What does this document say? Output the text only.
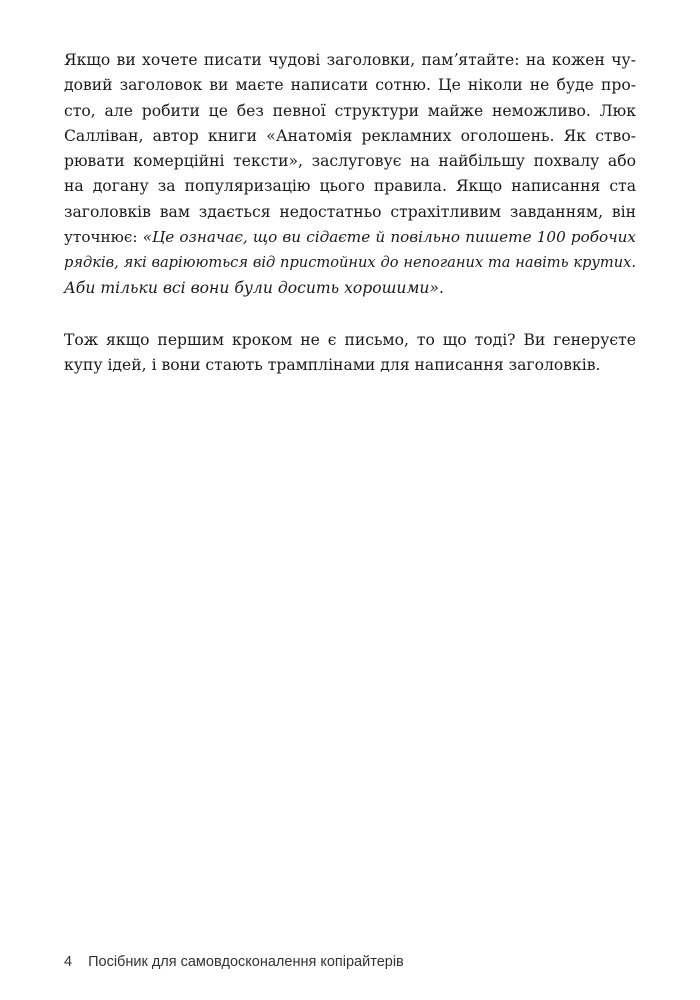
Якщо ви хочете писати чудові заголовки, памʼятайте: на кожен чу-
довий заголовок ви маєте написати сотню. Це ніколи не буде про-
сто, але робити це без певної структури майже неможливо. Люк
Салліван, автор книги «Анатомія рекламних оголошень. Як ство-
рювати комерційні тексти», заслуговує на найбільшу похвалу або
на догану за популяризацію цього правила. Якщо написання ста
заголовків вам здається недостатньо страхітливим завданням, він
уточнює: «Це означає, що ви сідаєте й повільно пишете 100 робочих
рядків, які варіюються від пристойних до непоганих та навіть крутих.
Аби тільки всі вони були досить хорошими».

Тож якщо першим кроком не є письмо, то що тоді? Ви генеруєте
купу ідей, і вони стають трамплінами для написання заголовків.

4 Посібник для самовдосконалення копірайтерів
